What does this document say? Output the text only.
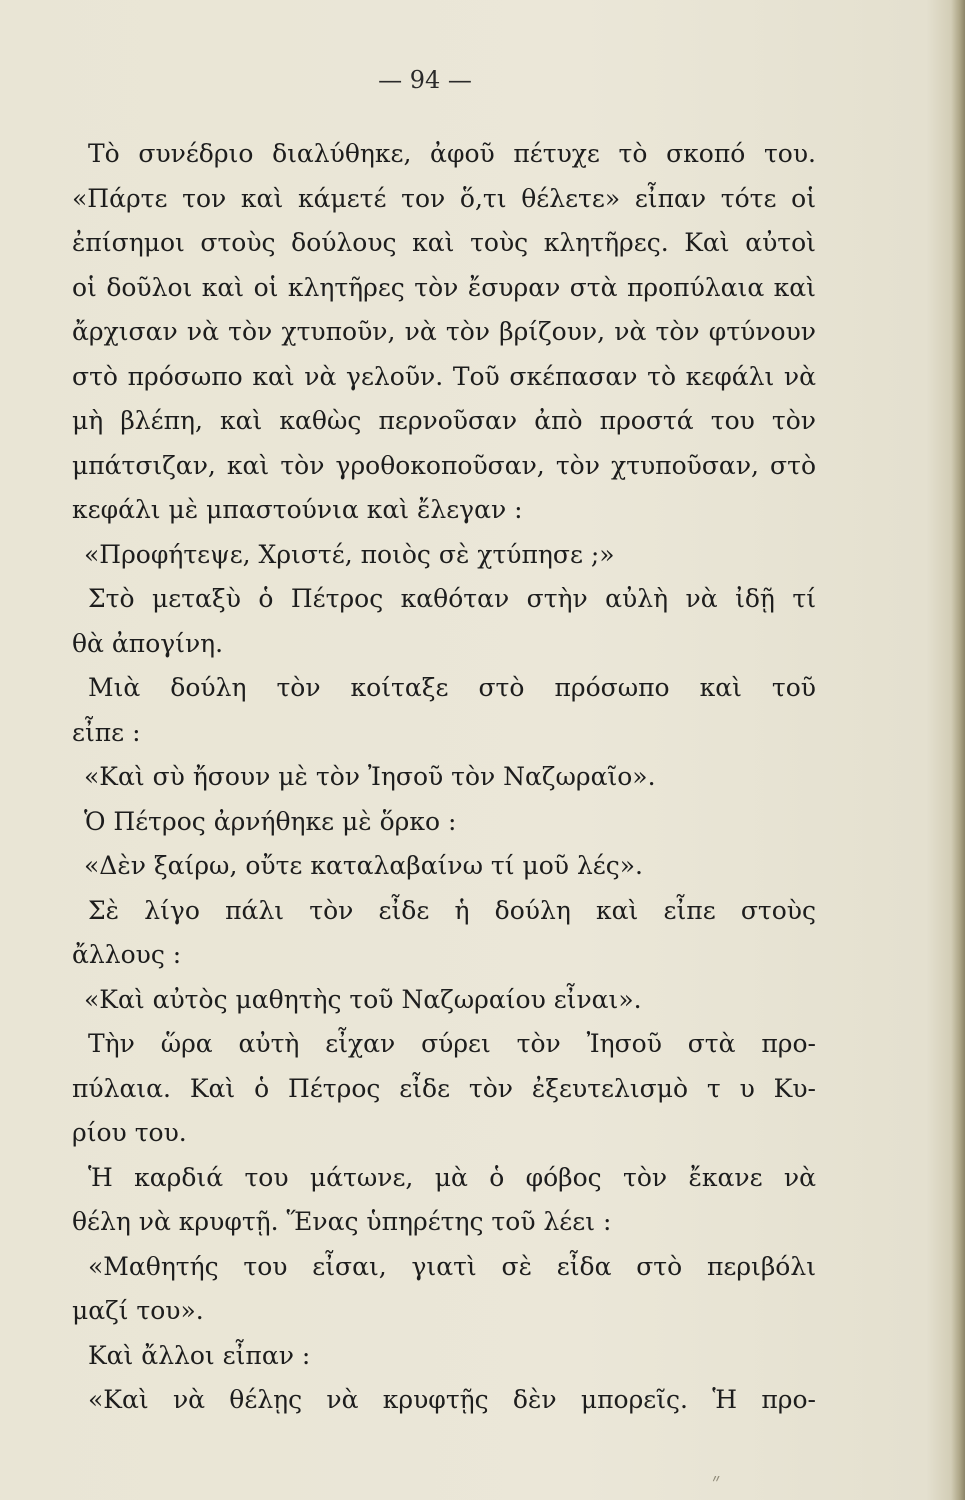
— 94 —
Τὸ συνέδριο διαλύθηκε, ἀφοῦ πέτυχε τὸ σκοπό του.
«Πάρτε τον καὶ κάμετέ τον ὅ,τι θέλετε» εἶπαν τότε οἱ
ἐπίσημοι στοὺς δούλους καὶ τοὺς κλητῆρες. Καὶ αὐτοὶ
οἱ δοῦλοι καὶ οἱ κλητῆρες τὸν ἔσυραν στὰ προπύλαια καὶ
ἄρχισαν νὰ τὸν χτυποῦν, νὰ τὸν βρίζουν, νὰ τὸν φτύνουν
στὸ πρόσωπο καὶ νὰ γελοῦν. Τοῦ σκέπασαν τὸ κεφάλι νὰ
μὴ βλέπη, καὶ καθὼς περνοῦσαν ἀπὸ προστά του τὸν
μπάτσιζαν, καὶ τὸν γροθοκοποῦσαν, τὸν χτυποῦσαν, στὸ
κεφάλι μὲ μπαστούνια καὶ ἔλεγαν :
«Προφήτεψε, Χριστέ, ποιὸς σὲ χτύπησε ;»
Στὸ μεταξὺ ὁ Πέτρος καθόταν στὴν αὐλὴ νὰ ἰδῇ τί
θὰ ἀπογίνη.
Μιὰ δούλη τὸν κοίταξε στὸ πρόσωπο καὶ τοῦ
εἶπε :
«Καὶ σὺ ἤσουν μὲ τὸν Ἰησοῦ τὸν Ναζωραῖο».
Ὁ Πέτρος ἀρνήθηκε μὲ ὅρκο :
«Δὲν ξαίρω, οὔτε καταλαβαίνω τί μοῦ λές».
Σὲ λίγο πάλι τὸν εἶδε ἡ δούλη καὶ εἶπε στοὺς
ἄλλους :
«Καὶ αὐτὸς μαθητὴς τοῦ Ναζωραίου εἶναι».
Τὴν ὥρα αὐτὴ εἶχαν σύρει τὸν Ἰησοῦ στὰ προ-
πύλαια. Καὶ ὁ Πέτρος εἶδε τὸν ἐξευτελισμὸ τ υ Κυ-
ρίου του.
Ἡ καρδιά του μάτωνε, μὰ ὁ φόβος τὸν ἔκανε νὰ
θέλη νὰ κρυφτῇ. Ἕνας ὑπηρέτης τοῦ λέει :
«Μαθητής του εἶσαι, γιατὶ σὲ εἶδα στὸ περιβόλι
μαζί του».
Καὶ ἄλλοι εἶπαν :
«Καὶ νὰ θέλῃς νὰ κρυφτῇς δὲν μπορεῖς. Ἡ προ-
״
